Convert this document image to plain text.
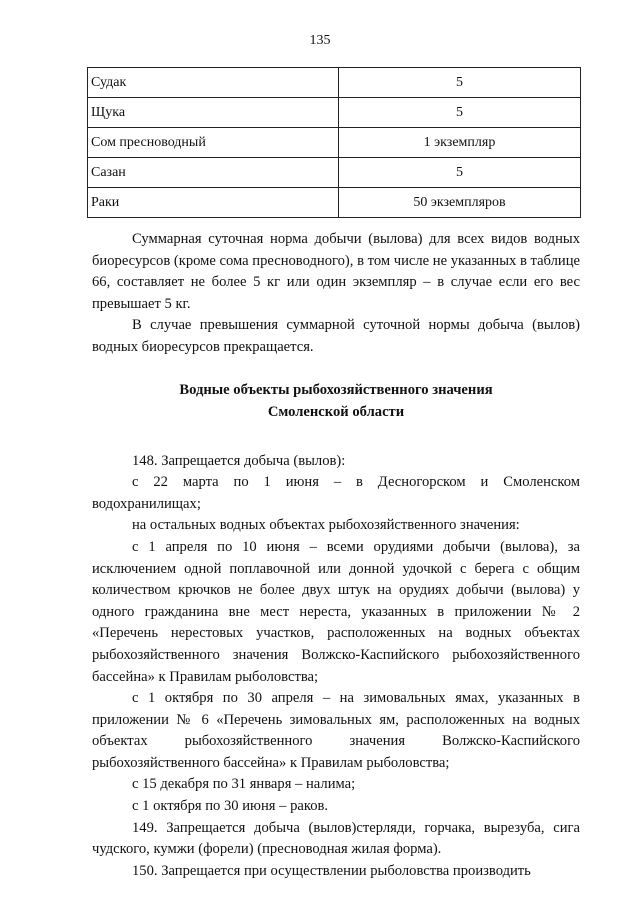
135
Судак	5
Щука	5
Сом пресноводный	1 экземпляр
Сазан	5
Раки	50 экземпляров

Суммарная суточная норма добычи (вылова) для всех видов водных биоресурсов (кроме сома пресноводного), в том числе не указанных в таблице 66, составляет не более 5 кг или один экземпляр – в случае если его вес превышает 5 кг.

В случае превышения суммарной суточной нормы добыча (вылов) водных биоресурсов прекращается.

Водные объекты рыбохозяйственного значения
Смоленской области

148. Запрещается добыча (вылов):

с 22 марта по 1 июня – в Десногорском и Смоленском водохранилищах;

на остальных водных объектах рыбохозяйственного значения:

с 1 апреля по 10 июня – всеми орудиями добычи (вылова), за исключением одной поплавочной или донной удочкой с берега с общим количеством крючков не более двух штук на орудиях добычи (вылова) у одного гражданина вне мест нереста, указанных в приложении № 2 «Перечень нерестовых участков, расположенных на водных объектах рыбохозяйственного значения Волжско-Каспийского рыбохозяйственного бассейна» к Правилам рыболовства;

с 1 октября по 30 апреля – на зимовальных ямах, указанных в приложении № 6 «Перечень зимовальных ям, расположенных на водных объектах рыбохозяйственного значения Волжско-Каспийского рыбохозяйственного бассейна» к Правилам рыболовства;

с 15 декабря по 31 января – налима;

с 1 октября по 30 июня – раков.

149. Запрещается добыча (вылов)стерляди, горчака, вырезуба, сига чудского, кумжи (форели) (пресноводная жилая форма).

150. Запрещается при осуществлении рыболовства производить
